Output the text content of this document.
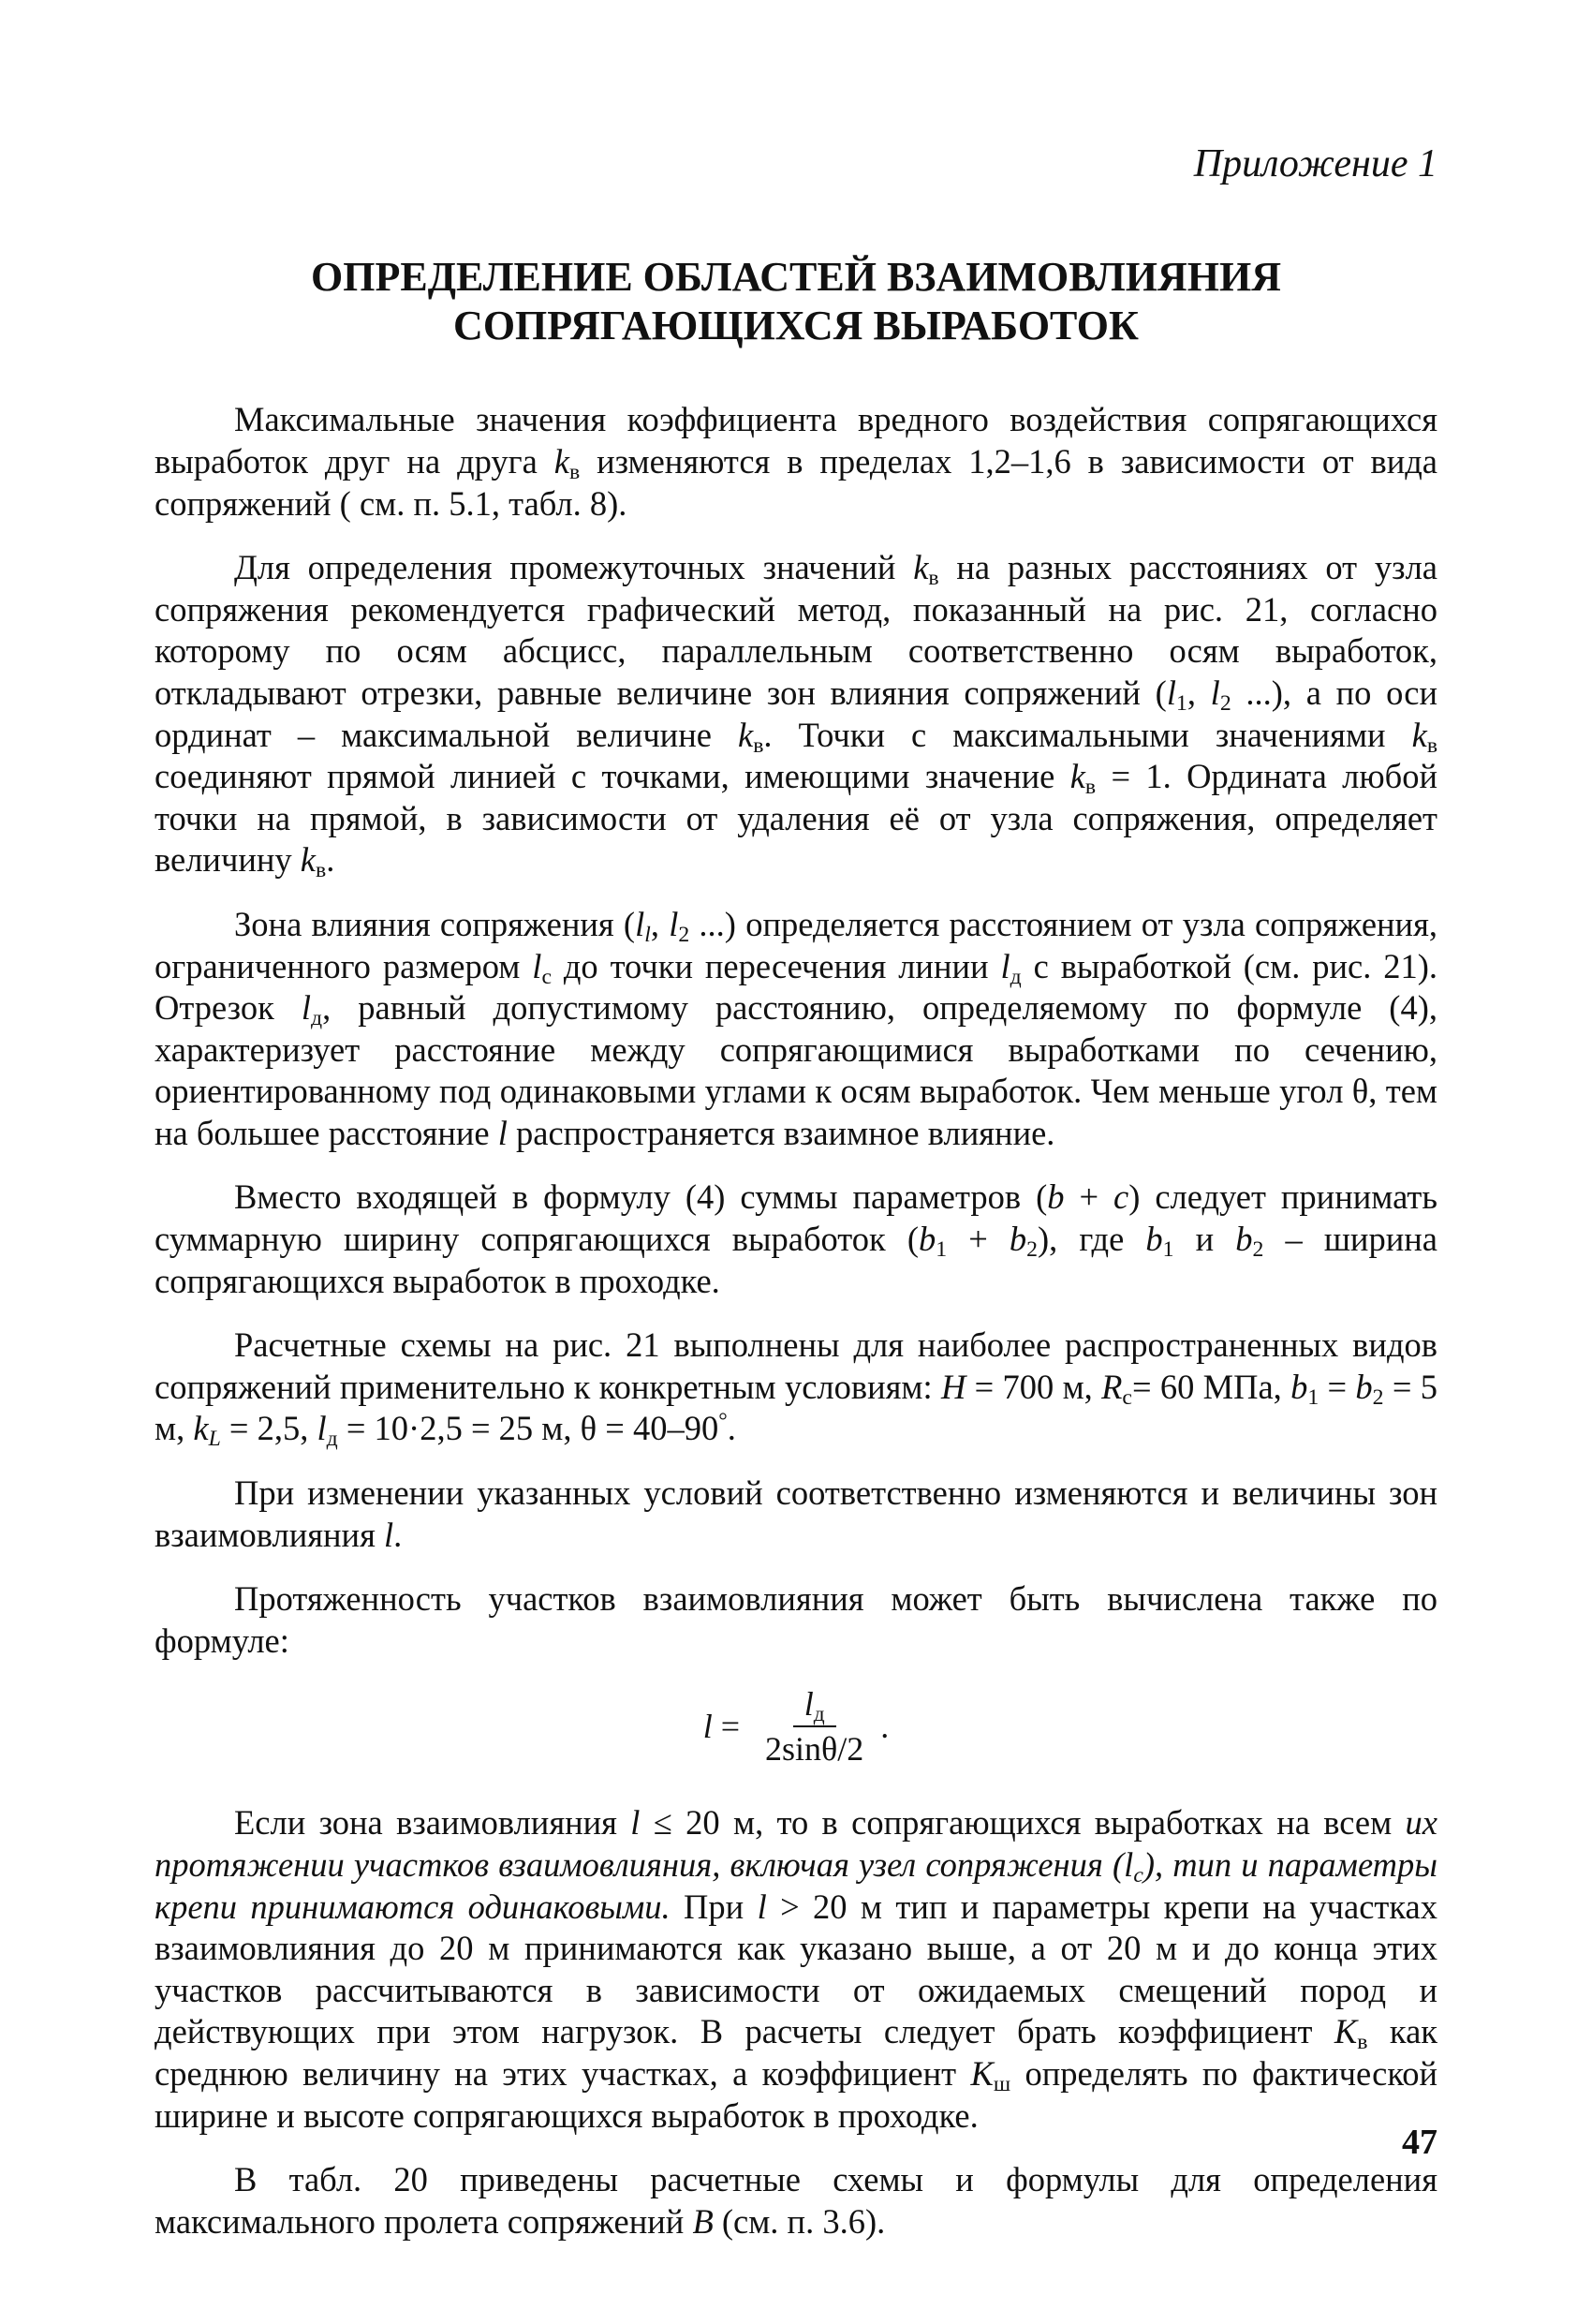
Приложение 1
ОПРЕДЕЛЕНИЕ ОБЛАСТЕЙ ВЗАИМОВЛИЯНИЯ
СОПРЯГАЮЩИХСЯ ВЫРАБОТОК

Максимальные значения коэффициента вредного воздействия сопрягающихся выработок друг на друга $k_в$ изменяются в пределах 1,2–1,6 в зависимости от вида сопряжений ( см. п. 5.1, табл. 8).

Для определения промежуточных значений $k_в$ на разных расстояниях от узла сопряжения рекомендуется графический метод, показанный на рис. 21, согласно которому по осям абсцисс, параллельным соответственно осям выработок, откладывают отрезки, равные величине зон влияния сопряжений ($l_1$, $l_2$ ...), а по оси ординат – максимальной величине $k_в$. Точки с максимальными значениями $k_в$ соединяют прямой линией с точками, имеющими значение $k_в = 1$. Ордината любой точки на прямой, в зависимости от удаления её от узла сопряжения, определяет величину $k_в$.

Зона влияния сопряжения ($l_l$, $l_2$ ...) определяется расстоянием от узла сопряжения, ограниченного размером $l_с$ до точки пересечения линии $l_д$ с выработкой (см. рис. 21). Отрезок $l_д$, равный допустимому расстоянию, определяемому по формуле (4), характеризует расстояние между сопрягающимися выработками по сечению, ориентированному под одинаковыми углами к осям выработок. Чем меньше угол θ, тем на большее расстояние l распространяется взаимное влияние.

Вместо входящей в формулу (4) суммы параметров (b + c) следует принимать суммарную ширину сопрягающихся выработок $(b_1 + b_2)$, где $b_1$ и $b_2$ – ширина сопрягающихся выработок в проходке.

Расчетные схемы на рис. 21 выполнены для наиболее распространенных видов сопряжений применительно к конкретным условиям: H = 700 м, $R_с= 60$ МПа, $b_1 = b_2 = 5$ м, $k_L = 2,5$, $l_д = 10\cdot 2,5 = 25$ м, θ = 40–90°.

При изменении указанных условий соответственно изменяются и величины зон взаимовлияния l.

Протяженность участков взаимовлияния может быть вычислена также по формуле:

$l = \frac{l_д}{2\sin\theta/2}$ .

Если зона взаимовлияния l ≤ 20 м, то в сопрягающихся выработках на всем их протяжении участков взаимовлияния, включая узел сопряжения $(l_с)$, тип и параметры крепи принимаются одинаковыми. При l > 20 м тип и параметры крепи на участках взаимовлияния до 20 м принимаются как указано выше, а от 20 м и до конца этих участков рассчитываются в зависимости от ожидаемых смещений пород и действующих при этом нагрузок. В расчеты следует брать коэффициент $K_в$ как среднюю величину на этих участках, а коэффициент $K_ш$ определять по фактической ширине и высоте сопрягающихся выработок в проходке.

В табл. 20 приведены расчетные схемы и формулы для определения максимального пролета сопряжений B (см. п. 3.6).

47
